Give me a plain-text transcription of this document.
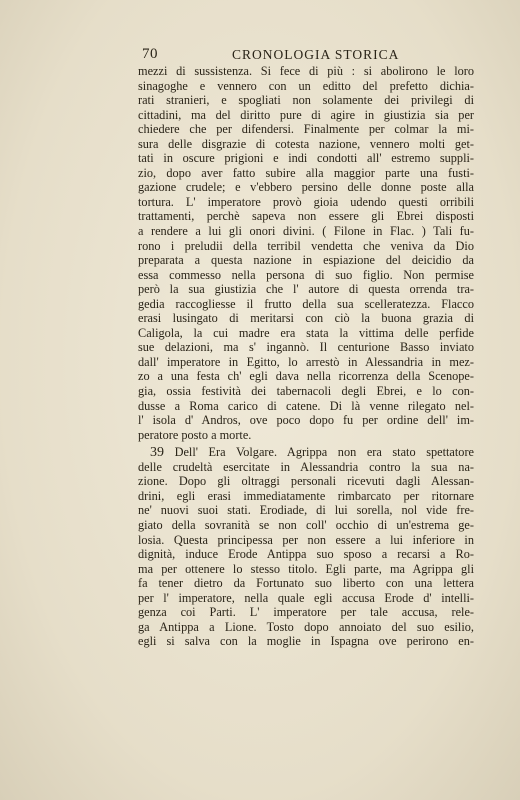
70	CRONOLOGIA STORICA
mezzi di sussistenza. Si fece di più : si abolirono le loro
sinagoghe e vennero con un editto del prefetto dichia-
rati stranieri, e spogliati non solamente dei privilegi di
cittadini, ma del diritto pure di agire in giustizia sia per
chiedere che per difendersi. Finalmente per colmar la mi-
sura delle disgrazie di cotesta nazione, vennero molti get-
tati in oscure prigioni e indi condotti all' estremo suppli-
zio, dopo aver fatto subire alla maggior parte una fusti-
gazione crudele; e v'ebbero persino delle donne poste alla
tortura. L' imperatore provò gioia udendo questi orribili
trattamenti, perchè sapeva non essere gli Ebrei disposti
a rendere a lui gli onori divini. ( Filone in Flac. ) Tali fu-
rono i preludii della terribil vendetta che veniva da Dio
preparata a questa nazione in espiazione del deicidio da
essa commesso nella persona di suo figlio. Non permise
però la sua giustizia che l' autore di questa orrenda tra-
gedia raccogliesse il frutto della sua scelleratezza. Flacco
erasi lusingato di meritarsi con ciò la buona grazia di
Caligola, la cui madre era stata la vittima delle perfide
sue delazioni, ma s' ingannò. Il centurione Basso inviato
dall' imperatore in Egitto, lo arrestò in Alessandria in mez-
zo a una festa ch' egli dava nella ricorrenza della Scenope-
gia, ossia festività dei tabernacoli degli Ebrei, e lo con-
dusse a Roma carico di catene. Di là venne rilegato nel-
l' isola d' Andros, ove poco dopo fu per ordine dell' im-
peratore posto a morte.
39 Dell' Era Volgare. Agrippa non era stato spettatore
delle crudeltà esercitate in Alessandria contro la sua na-
zione. Dopo gli oltraggi personali ricevuti dagli Alessan-
drini, egli erasi immediatamente rimbarcato per ritornare
ne' nuovi suoi stati. Erodiade, di lui sorella, nol vide fre-
giato della sovranità se non coll' occhio di un'estrema ge-
losia. Questa principessa per non essere a lui inferiore in
dignità, induce Erode Antippa suo sposo a recarsi a Ro-
ma per ottenere lo stesso titolo. Egli parte, ma Agrippa gli
fa tener dietro da Fortunato suo liberto con una lettera
per l' imperatore, nella quale egli accusa Erode d' intelli-
genza coi Parti. L' imperatore per tale accusa, rele-
ga Antippa a Lione. Tosto dopo annoiato del suo esilio,
egli si salva con la moglie in Ispagna ove perirono en-
